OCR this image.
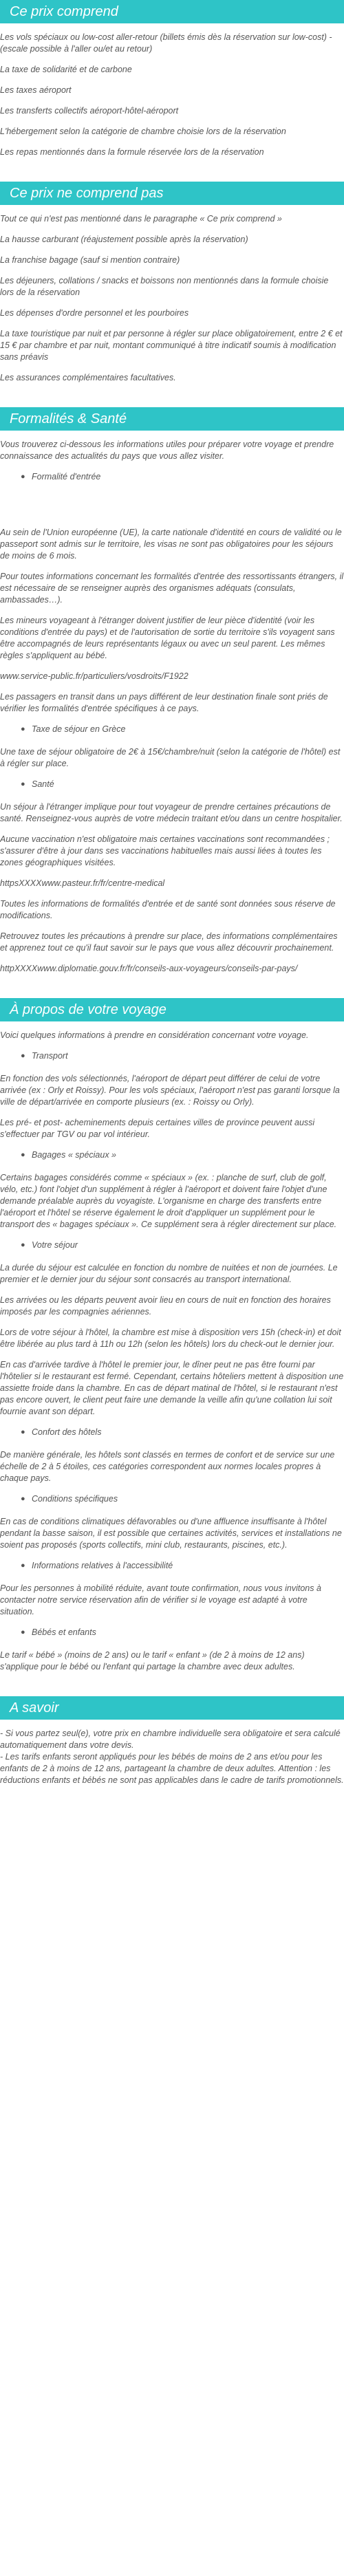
Ce prix comprend

Les vols spéciaux ou low-cost aller-retour (billets émis dès la réservation sur low-cost) - (escale possible à l'aller ou/et au retour)

La taxe de solidarité et de carbone

Les taxes aéroport

Les transferts collectifs aéroport-hôtel-aéroport

L'hébergement selon la catégorie de chambre choisie lors de la réservation

Les repas mentionnés dans la formule réservée lors de la réservation

Ce prix ne comprend pas

Tout ce qui n'est pas mentionné dans le paragraphe « Ce prix comprend »

La hausse carburant (réajustement possible après la réservation)

La franchise bagage (sauf si mention contraire)

Les déjeuners, collations / snacks et boissons non mentionnés dans la formule choisie lors de la réservation

Les dépenses d'ordre personnel et les pourboires

La taxe touristique par nuit et par personne à régler sur place obligatoirement, entre 2 € et 15 € par chambre et par nuit, montant communiqué à titre indicatif soumis à modification sans préavis

Les assurances complémentaires facultatives.

Formalités & Santé

Vous trouverez ci-dessous les informations utiles pour préparer votre voyage et prendre connaissance des actualités du pays que vous allez visiter.

● Formalité d'entrée

Au sein de l'Union européenne (UE), la carte nationale d'identité en cours de validité ou le passeport sont admis sur le territoire, les visas ne sont pas obligatoires pour les séjours de moins de 6 mois.

Pour toutes informations concernant les formalités d'entrée des ressortissants étrangers, il est nécessaire de se renseigner auprès des organismes adéquats (consulats, ambassades…).

Les mineurs voyageant à l'étranger doivent justifier de leur pièce d'identité (voir les conditions d'entrée du pays) et de l'autorisation de sortie du territoire s'ils voyagent sans être accompagnés de leurs représentants légaux ou avec un seul parent. Les mêmes règles s'appliquent au bébé.

www.service-public.fr/particuliers/vosdroits/F1922

Les passagers en transit dans un pays différent de leur destination finale sont priés de vérifier les formalités d'entrée spécifiques à ce pays.

● Taxe de séjour en Grèce

Une taxe de séjour obligatoire de 2€ à 15€/chambre/nuit (selon la catégorie de l'hôtel) est à régler sur place.

● Santé

Un séjour à l'étranger implique pour tout voyageur de prendre certaines précautions de santé. Renseignez-vous auprès de votre médecin traitant et/ou dans un centre hospitalier.

Aucune vaccination n'est obligatoire mais certaines vaccinations sont recommandées ; s'assurer d'être à jour dans ses vaccinations habituelles mais aussi liées à toutes les zones géographiques visitées.

httpsXXXXwww.pasteur.fr/fr/centre-medical

Toutes les informations de formalités d'entrée et de santé sont données sous réserve de modifications.

Retrouvez toutes les précautions à prendre sur place, des informations complémentaires et apprenez tout ce qu'il faut savoir sur le pays que vous allez découvrir prochainement.

httpXXXXwww.diplomatie.gouv.fr/fr/conseils-aux-voyageurs/conseils-par-pays/

À propos de votre voyage

Voici quelques informations à prendre en considération concernant votre voyage.

● Transport

En fonction des vols sélectionnés, l'aéroport de départ peut différer de celui de votre arrivée (ex : Orly et Roissy). Pour les vols spéciaux, l'aéroport n'est pas garanti lorsque la ville de départ/arrivée en comporte plusieurs (ex. : Roissy ou Orly).

Les pré- et post- acheminements depuis certaines villes de province peuvent aussi s'effectuer par TGV ou par vol intérieur.

● Bagages « spéciaux »

Certains bagages considérés comme « spéciaux » (ex. : planche de surf, club de golf, vélo, etc.) font l'objet d'un supplément à régler à l'aéroport et doivent faire l'objet d'une demande préalable auprès du voyagiste. L'organisme en charge des transferts entre l'aéroport et l'hôtel se réserve également le droit d'appliquer un supplément pour le transport des « bagages spéciaux ». Ce supplément sera à régler directement sur place.

● Votre séjour

La durée du séjour est calculée en fonction du nombre de nuitées et non de journées. Le premier et le dernier jour du séjour sont consacrés au transport international.

Les arrivées ou les départs peuvent avoir lieu en cours de nuit en fonction des horaires imposés par les compagnies aériennes.

Lors de votre séjour à l'hôtel, la chambre est mise à disposition vers 15h (check-in) et doit être libérée au plus tard à 11h ou 12h (selon les hôtels) lors du check-out le dernier jour.

En cas d'arrivée tardive à l'hôtel le premier jour, le dîner peut ne pas être fourni par l'hôtelier si le restaurant est fermé. Cependant, certains hôteliers mettent à disposition une assiette froide dans la chambre. En cas de départ matinal de l'hôtel, si le restaurant n'est pas encore ouvert, le client peut faire une demande la veille afin qu'une collation lui soit fournie avant son départ.

● Confort des hôtels

De manière générale, les hôtels sont classés en termes de confort et de service sur une échelle de 2 à 5 étoiles, ces catégories correspondent aux normes locales propres à chaque pays.

● Conditions spécifiques

En cas de conditions climatiques défavorables ou d'une affluence insuffisante à l'hôtel pendant la basse saison, il est possible que certaines activités, services et installations ne soient pas proposés (sports collectifs, mini club, restaurants, piscines, etc.).

● Informations relatives à l'accessibilité

Pour les personnes à mobilité réduite, avant toute confirmation, nous vous invitons à contacter notre service réservation afin de vérifier si le voyage est adapté à votre situation.

● Bébés et enfants

Le tarif « bébé » (moins de 2 ans) ou le tarif « enfant » (de 2 à moins de 12 ans) s'applique pour le bébé ou l'enfant qui partage la chambre avec deux adultes.

A savoir

- Si vous partez seul(e), votre prix en chambre individuelle sera obligatoire et sera calculé automatiquement dans votre devis.

- Les tarifs enfants seront appliqués pour les bébés de moins de 2 ans et/ou pour les enfants de 2 à moins de 12 ans, partageant la chambre de deux adultes. Attention : les réductions enfants et bébés ne sont pas applicables dans le cadre de tarifs promotionnels.
